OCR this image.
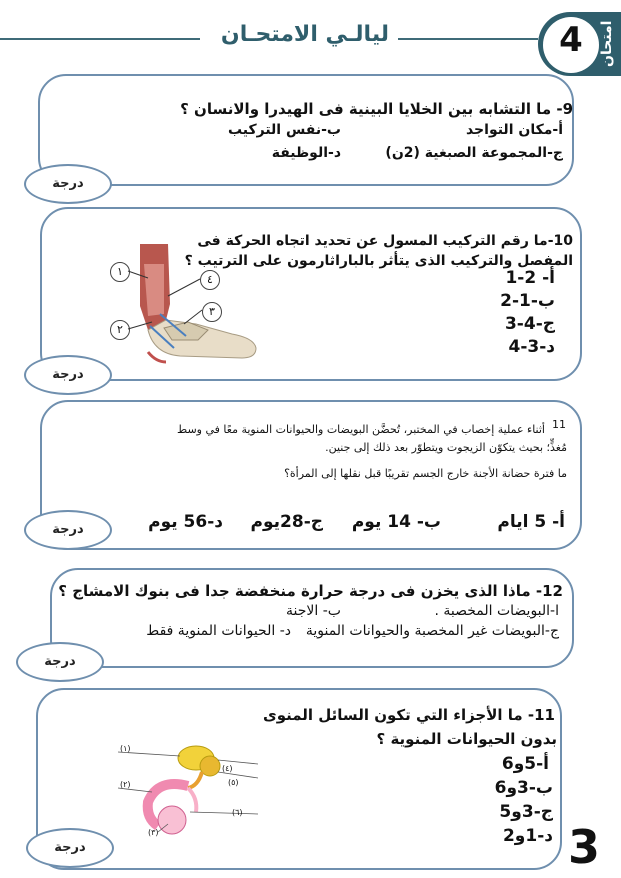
ليالـي الامتحـان	4	امتحان
9- ما التشابه بين الخلايا البينية فى الهيدرا والانسان ؟
أ-مكان التواجد
ب-نفس التركيب
ج-المجموعة الصبغية (2ن)
د-الوظيفة
درجة
١
٢
٣
٤
10-ما رقم التركيب المسول عن تحديد اتجاه الحركة فى
المفصل والتركيب الذى يتأثر بالباراثارمون على الترتيب ؟
أ- 2-1
ب-1-2
ج-4-3
د-3-4
درجة
11
أثناء عملية إخصاب في المختبر، تُحضَّن البويضات والحيوانات المنوية معًا في وسط
مُغذٍّ؛ بحيث يتكوّن الزيجوت ويتطوّر بعد ذلك إلى جنين.
ما فترة حضانة الأجنة خارج الجسم تقريبًا قبل نقلها إلى المرأة؟
أ- 5 ايام
ب- 14 يوم
ج-28يوم
د-56 يوم
درجة
12- ماذا الذى يخزن فى درجة حرارة منخفضة جدا فى بنوك الامشاج ؟
ا-البويضات المخصبة .
ب- الاجنة
ج-البويضات غير المخصبة والحيوانات المنوية
د- الحيوانات المنوية فقط
درجة
(١)
(٢)
(٣)
(٤)
(٥)
(٦)
11- ما الأجزاء التي تكون السائل المنوى
بدون الحيوانات المنوية ؟
أ-5و6
ب-3و6
ج-3و5
د-1و2
درجة	3
